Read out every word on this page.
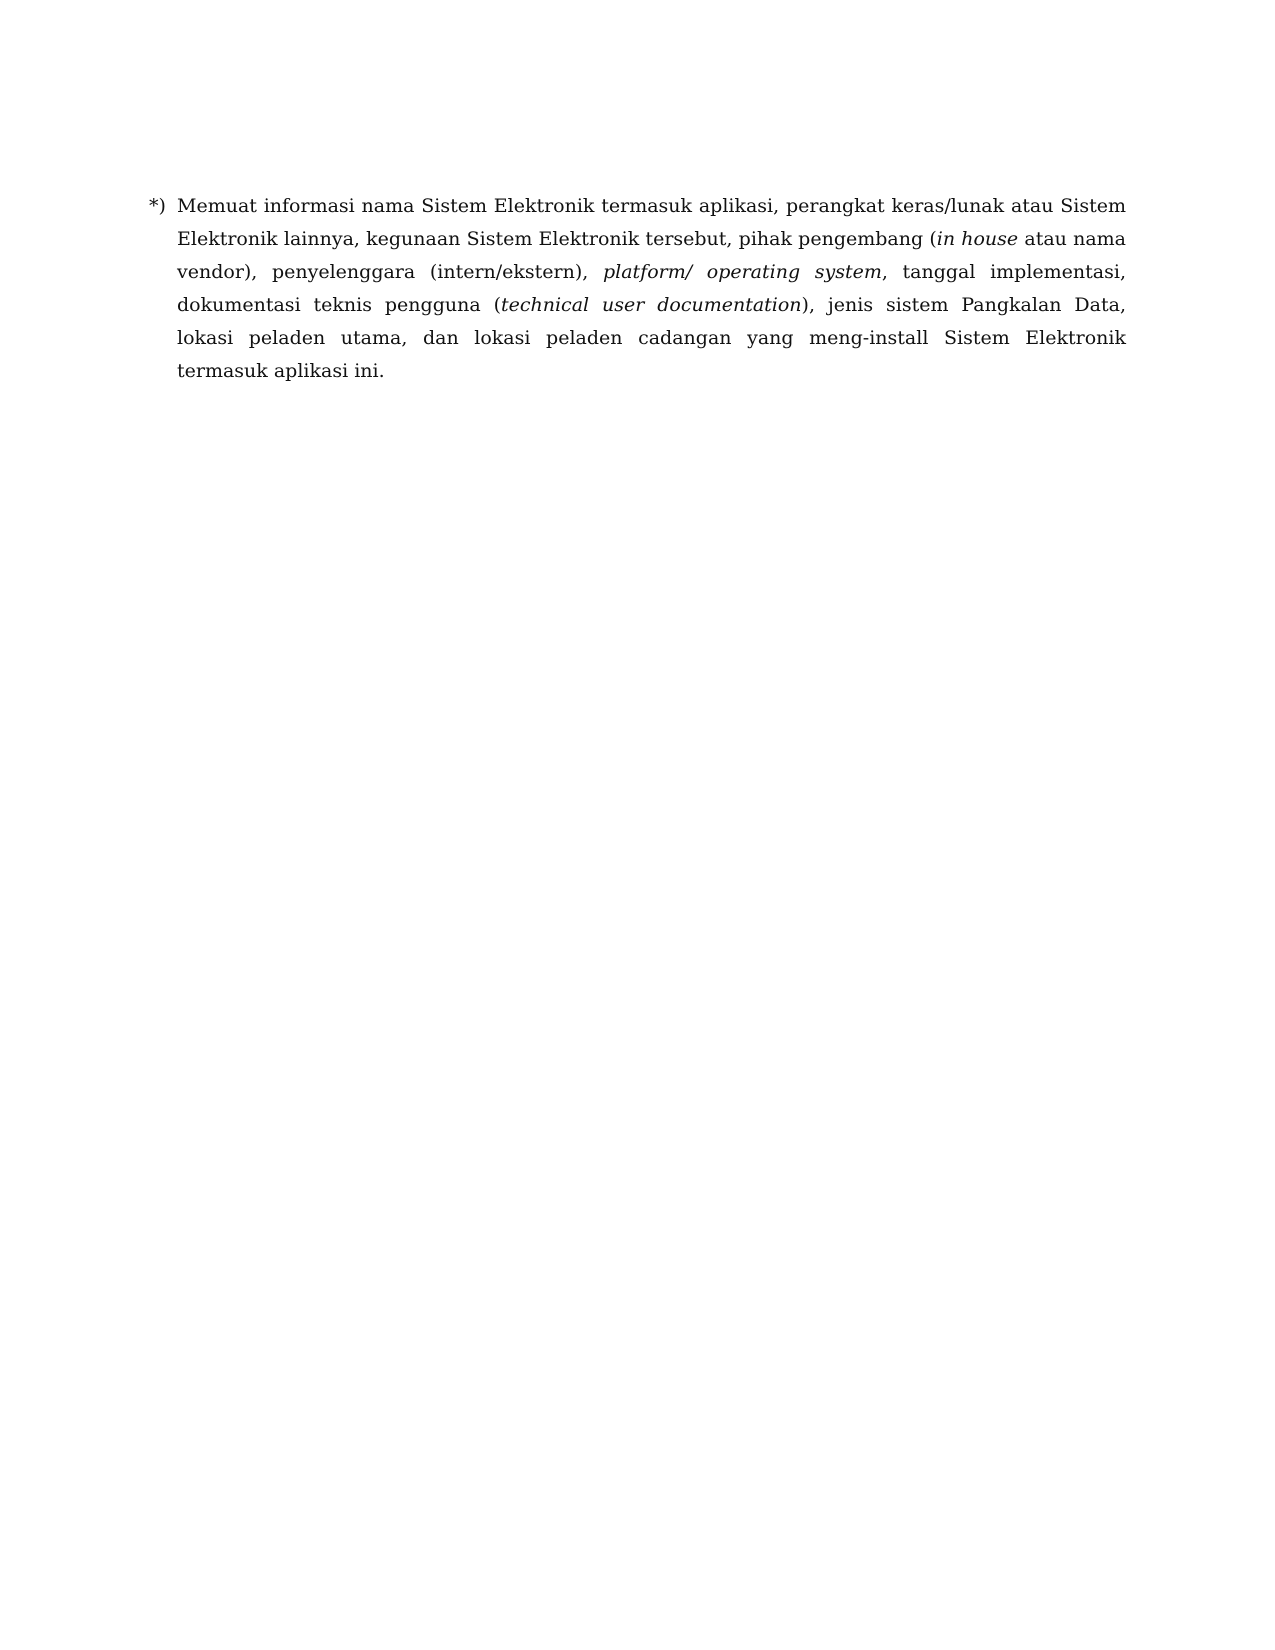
*) Memuat informasi nama Sistem Elektronik termasuk aplikasi, perangkat keras/lunak atau Sistem Elektronik lainnya, kegunaan Sistem Elektronik tersebut, pihak pengembang (in house atau nama vendor), penyelenggara (intern/ekstern), platform/ operating system, tanggal implementasi, dokumentasi teknis pengguna (technical user documentation), jenis sistem Pangkalan Data, lokasi peladen utama, dan lokasi peladen cadangan yang meng-install Sistem Elektronik termasuk aplikasi ini.
